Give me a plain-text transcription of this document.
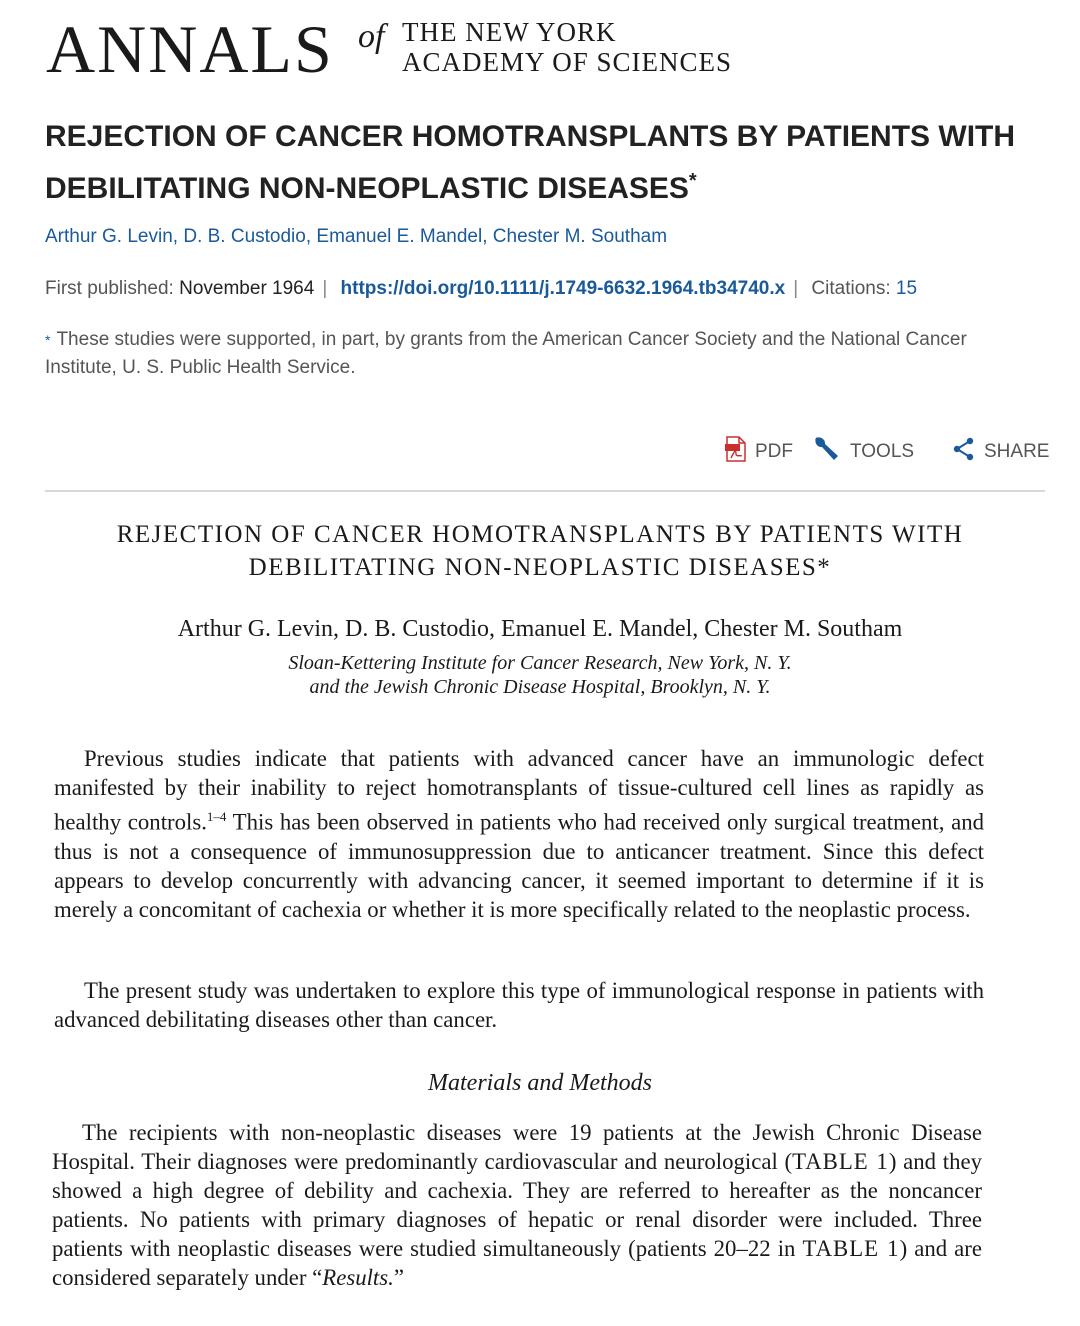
ANNALS of THE NEW YORK
ACADEMY OF SCIENCES
REJECTION OF CANCER HOMOTRANSPLANTS BY PATIENTS WITH DEBILITATING NON-NEOPLASTIC DISEASES*
Arthur G. Levin, D. B. Custodio, Emanuel E. Mandel, Chester M. Southam
First published: November 1964 | https://doi.org/10.1111/j.1749-6632.1964.tb34740.x | Citations: 15
* These studies were supported, in part, by grants from the American Cancer Society and the National Cancer Institute, U. S. Public Health Service.
PDF	TOOLS	SHARE
REJECTION OF CANCER HOMOTRANSPLANTS BY PATIENTS WITH
DEBILITATING NON-NEOPLASTIC DISEASES*
Arthur G. Levin, D. B. Custodio, Emanuel E. Mandel, Chester M. Southam
Sloan-Kettering Institute for Cancer Research, New York, N. Y.
and the Jewish Chronic Disease Hospital, Brooklyn, N. Y.

Previous studies indicate that patients with advanced cancer have an immunologic defect manifested by their inability to reject homotransplants of tissue-cultured cell lines as rapidly as healthy controls.$^{1-4}$ This has been observed in patients who had received only surgical treatment, and thus is not a consequence of immunosuppression due to anticancer treatment. Since this defect appears to develop concurrently with advancing cancer, it seemed important to determine if it is merely a concomitant of cachexia or whether it is more specifically related to the neoplastic process.

The present study was undertaken to explore this type of immunological response in patients with advanced debilitating diseases other than cancer.

Materials and Methods

The recipients with non-neoplastic diseases were 19 patients at the Jewish Chronic Disease Hospital. Their diagnoses were predominantly cardiovascular and neurological (TABLE 1) and they showed a high degree of debility and cachexia. They are referred to hereafter as the noncancer patients. No patients with primary diagnoses of hepatic or renal disorder were included. Three patients with neoplastic diseases were studied simultaneously (patients 20–22 in TABLE 1) and are considered separately under “Results.”
